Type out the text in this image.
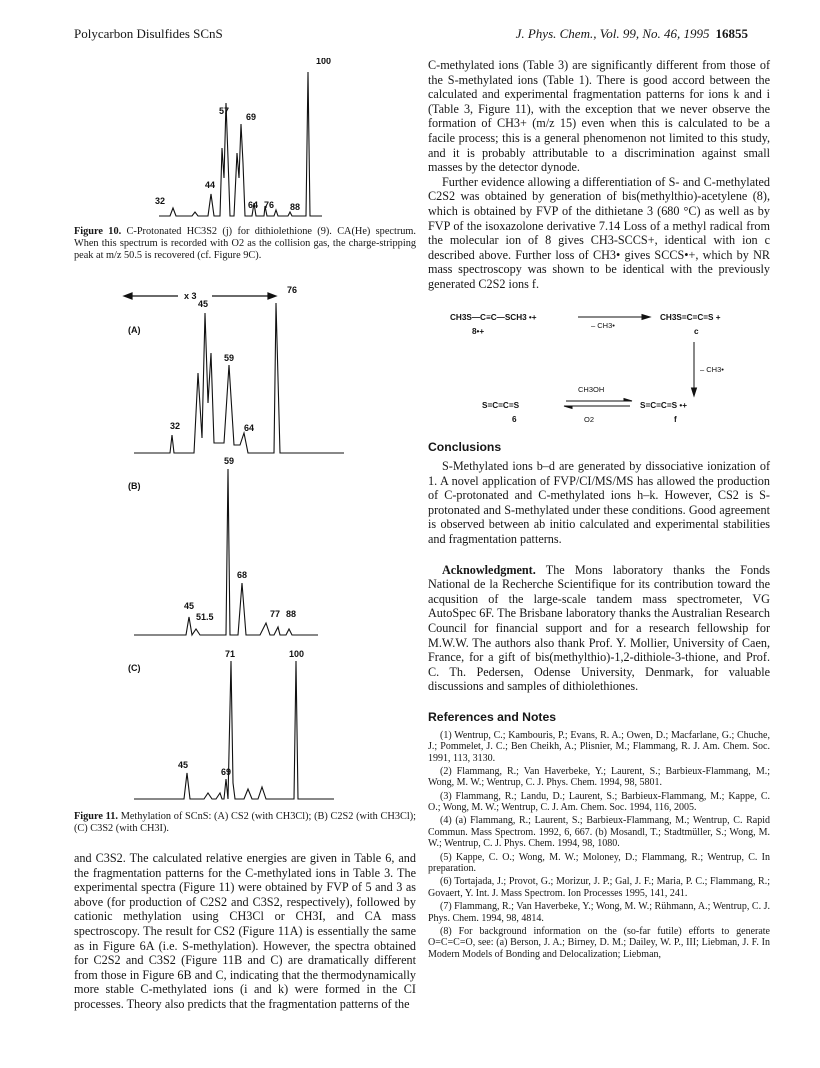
Polycarbon Disulfides SCnS	J. Phys. Chem., Vol. 99, No. 46, 1995 16855
32
44
57
69
64 76 88
100
Figure 10. C-Protonated HC3S2 (j) for dithiolethione (9). CA(He) spectrum. When this spectrum is recorded with O2 as the collision gas, the charge-stripping peak at m/z 50.5 is recovered (cf. Figure 9C).
x 3
(A)
76
45
59
32	64
(B)
59
68
45
51.5	77 88
(C)
71	100
45
69
Figure 11. Methylation of SCnS: (A) CS2 (with CH3Cl); (B) C2S2 (with CH3Cl); (C) C3S2 (with CH3I).

and C3S2. The calculated relative energies are given in Table 6, and the fragmentation patterns for the C-methylated ions in Table 3. The experimental spectra (Figure 11) were obtained by FVP of 5 and 3 as above (for production of C2S2 and C3S2, respectively), followed by cationic methylation using CH3Cl or CH3I, and CA mass spectroscopy. The result for CS2 (Figure 11A) is essentially the same as in Figure 6A (i.e. S-methylation). However, the spectra obtained for C2S2 and C3S2 (Figure 11B and C) are dramatically different from those in Figure 6B and C, indicating that the thermodynamically more stable C-methylated ions (i and k) were formed in the CI processes. Theory also predicts that the fragmentation patterns of the

C-methylated ions (Table 3) are significantly different from those of the S-methylated ions (Table 1). There is good accord between the calculated and experimental fragmentation patterns for ions k and i (Table 3, Figure 11), with the exception that we never observe the formation of CH3+ (m/z 15) even when this is calculated to be a facile process; this is a general phenomenon not limited to this study, and it is probably attributable to a discrimination against small masses by the detector dynode.

Further evidence allowing a differentiation of S- and C-methylated C2S2 was obtained by generation of bis(methylthio)-acetylene (8), which is obtained by FVP of the dithietane 3 (680 °C) as well as by FVP of the isoxazolone derivative 7.14 Loss of a methyl radical from the molecular ion of 8 gives CH3-SCCS+, identical with ion c described above. Further loss of CH3• gives SCCS•+, which by NR mass spectroscopy was shown to be identical with the previously generated C2S2 ions f.

CH3S—C≡C—SCH3 •+
8•+
CH3S=C=C=S +
c
S=C=C=S
6
S=C=C=S •+
f
– CH3•
– CH3•
CH3OH
O2
Conclusions

S-Methylated ions b–d are generated by dissociative ionization of 1. A novel application of FVP/CI/MS/MS has allowed the production of C-protonated and C-methylated ions h–k. However, CS2 is S-protonated and S-methylated under these conditions. Good agreement is observed between ab initio calculated and experimental stabilities and fragmentation patterns.

Acknowledgment. The Mons laboratory thanks the Fonds National de la Recherche Scientifique for its contribution toward the acqusition of the large-scale tandem mass spectrometer, VG AutoSpec 6F. The Brisbane laboratory thanks the Australian Research Council for financial support and for a research fellowship for M.W.W. The authors also thank Prof. Y. Mollier, University of Caen, France, for a gift of bis(methylthio)-1,2-dithiole-3-thione, and Prof. C. Th. Pedersen, Odense University, Denmark, for valuable discussions and samples of dithiolethiones.

References and Notes
(1) Wentrup, C.; Kambouris, P.; Evans, R. A.; Owen, D.; Macfarlane, G.; Chuche, J.; Pommelet, J. C.; Ben Cheikh, A.; Plisnier, M.; Flammang, R. J. Am. Chem. Soc. 1991, 113, 3130.
(2) Flammang, R.; Van Haverbeke, Y.; Laurent, S.; Barbieux-Flammang, M.; Wong, M. W.; Wentrup, C. J. Phys. Chem. 1994, 98, 5801.
(3) Flammang, R.; Landu, D.; Laurent, S.; Barbieux-Flammang, M.; Kappe, C. O.; Wong, M. W.; Wentrup, C. J. Am. Chem. Soc. 1994, 116, 2005.
(4) (a) Flammang, R.; Laurent, S.; Barbieux-Flammang, M.; Wentrup, C. Rapid Commun. Mass Spectrom. 1992, 6, 667. (b) Mosandl, T.; Stadtmüller, S.; Wong, M. W.; Wentrup, C. J. Phys. Chem. 1994, 98, 1080.
(5) Kappe, C. O.; Wong, M. W.; Moloney, D.; Flammang, R.; Wentrup, C. In preparation.
(6) Tortajada, J.; Provot, G.; Morizur, J. P.; Gal, J. F.; Maria, P. C.; Flammang, R.; Govaert, Y. Int. J. Mass Spectrom. Ion Processes 1995, 141, 241.
(7) Flammang, R.; Van Haverbeke, Y.; Wong, M. W.; Rühmann, A.; Wentrup, C. J. Phys. Chem. 1994, 98, 4814.
(8) For background information on the (so-far futile) efforts to generate O=C=C=O, see: (a) Berson, J. A.; Birney, D. M.; Dailey, W. P., III; Liebman, J. F. In Modern Models of Bonding and Delocalization; Liebman,
